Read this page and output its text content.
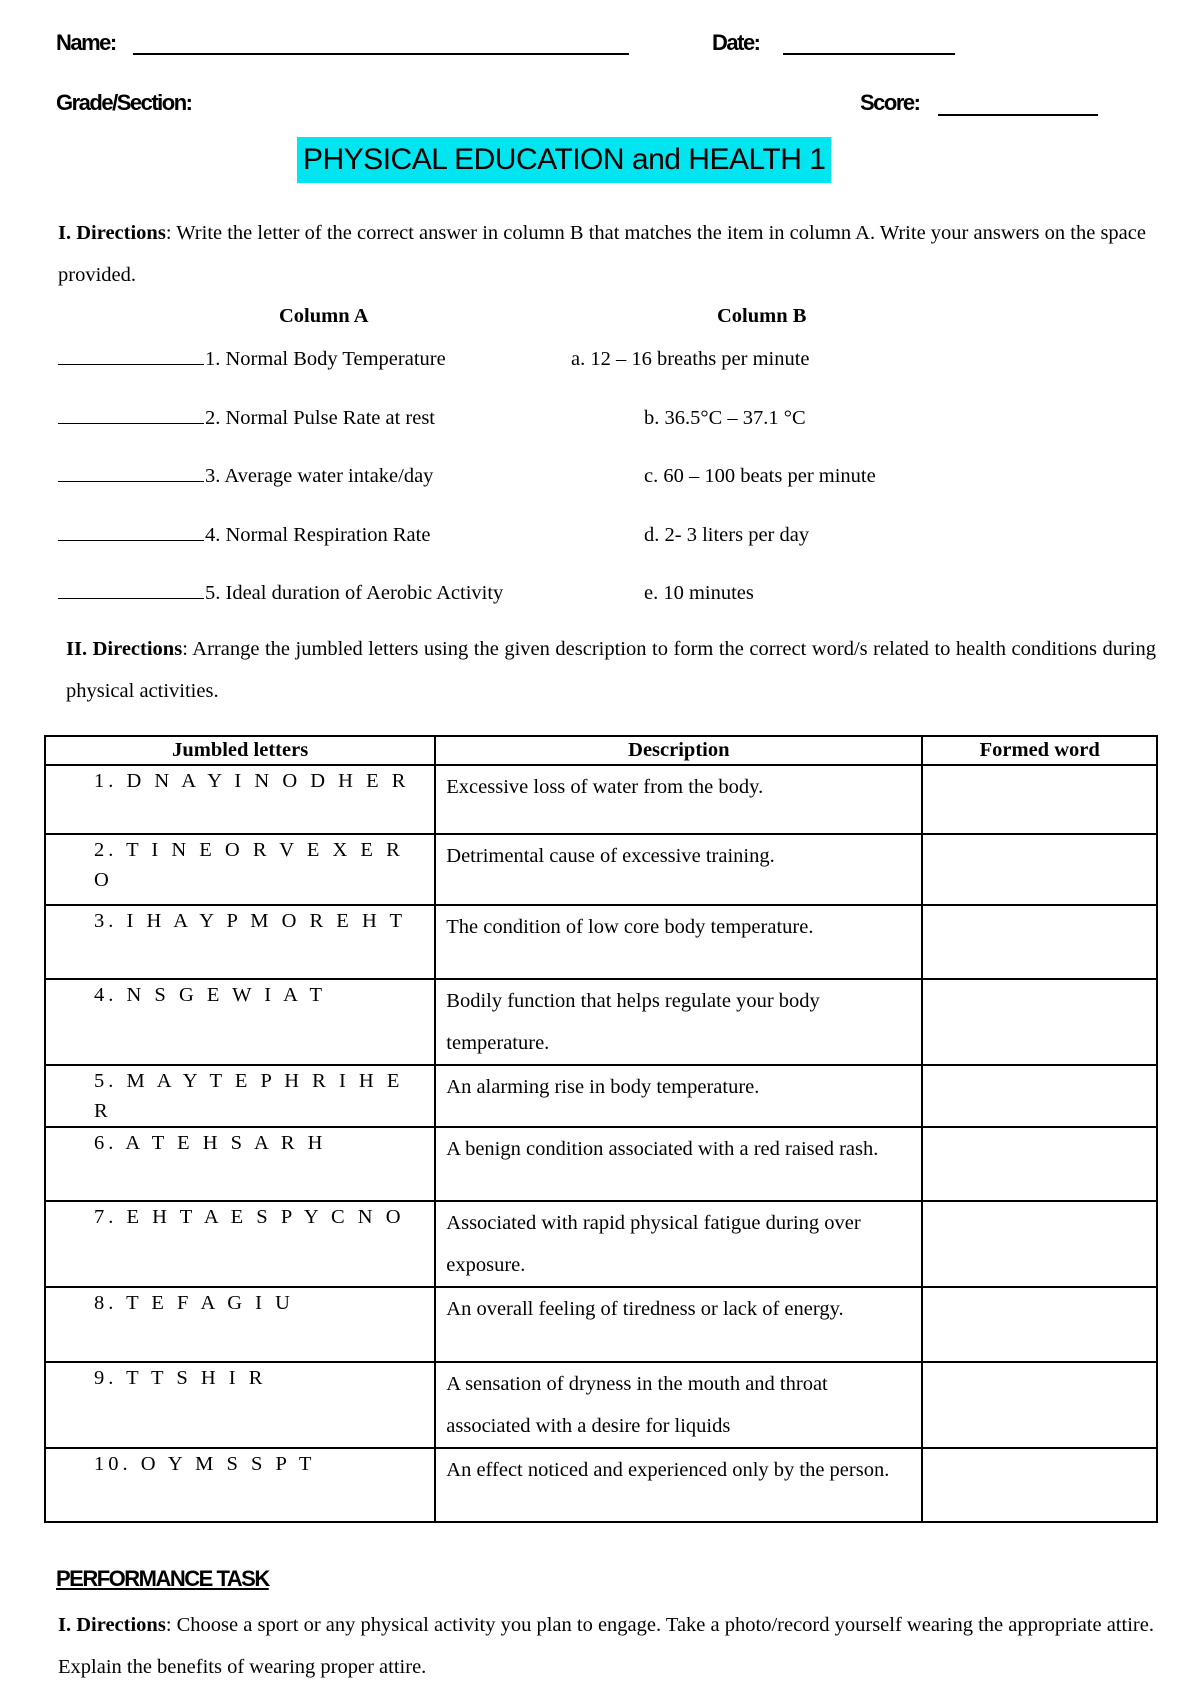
Name:	Date:
Grade/Section:	Score:
PHYSICAL EDUCATION and HEALTH 1
I. Directions: Write the letter of the correct answer in column B that matches the item in column A. Write your answers on the space provided.
Column A	Column B
1. Normal Body Temperature	a. 12 – 16 breaths per minute
2. Normal Pulse Rate at rest	b. 36.5°C – 37.1 °C
3. Average water intake/day	c. 60 – 100 beats per minute
4. Normal Respiration Rate	d. 2- 3 liters per day
5. Ideal duration of Aerobic Activity	e. 10 minutes
II. Directions: Arrange the jumbled letters using the given description to form the correct word/s related to health conditions during physical activities.
Jumbled letters	Description	Formed word
1. D N A Y I N O D H E R	Excessive loss of water from the body.	
2. T I N E O R V E X E R O	Detrimental cause of excessive training.	
3. I H A Y P M O R E H T	The condition of low core body temperature.	
4. N S G E W I A T	Bodily function that helps regulate your body temperature.	
5. M A Y T E P H R I H E R	An alarming rise in body temperature.	
6. A T E H S A R H	A benign condition associated with a red raised rash.	
7. E H T A E S P Y C N O	Associated with rapid physical fatigue during over exposure.	
8. T E F A G I U	An overall feeling of tiredness or lack of energy.	
9. T T S H I R	A sensation of dryness in the mouth and throat associated with a desire for liquids	
10. O Y M S S P T	An effect noticed and experienced only by the person.	
PERFORMANCE TASK
I. Directions: Choose a sport or any physical activity you plan to engage. Take a photo/record yourself wearing the appropriate attire. Explain the benefits of wearing proper attire.
